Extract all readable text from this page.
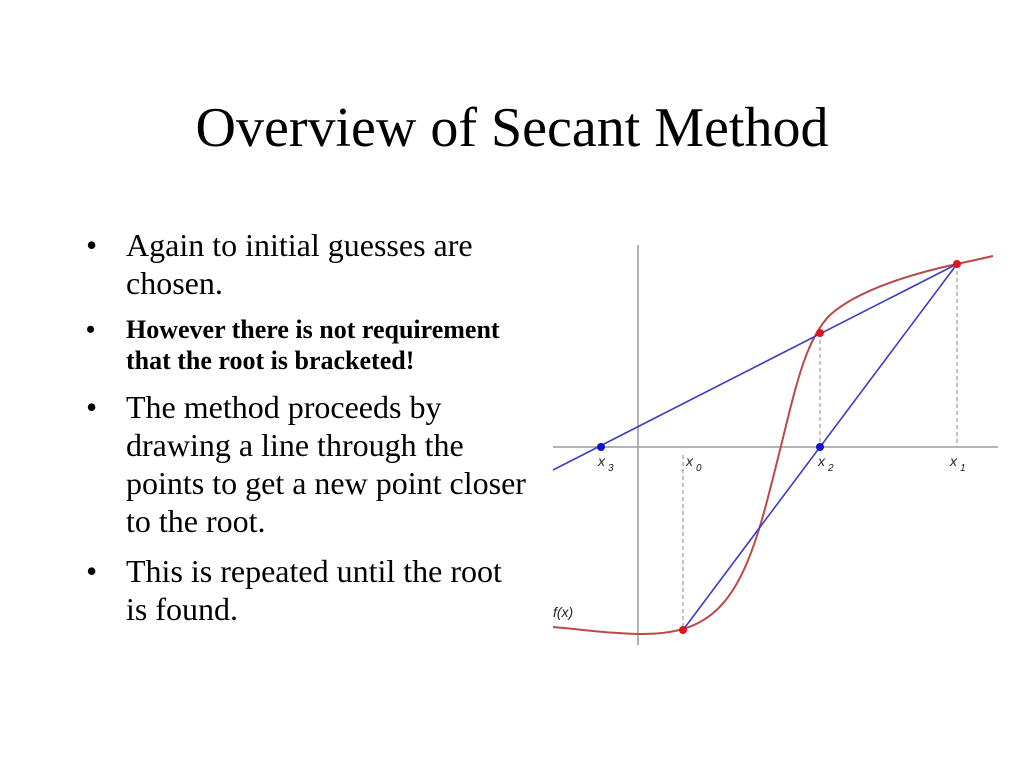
Overview of Secant Method
• Again to initial guesses are chosen.
• However there is not requirement that the root is bracketed!
• The method proceeds by drawing a line through the points to get a new point closer to the root.
• This is repeated until the root is found.
x $_3$	x $_0$	x $_2$	x $_1$
f(x)
